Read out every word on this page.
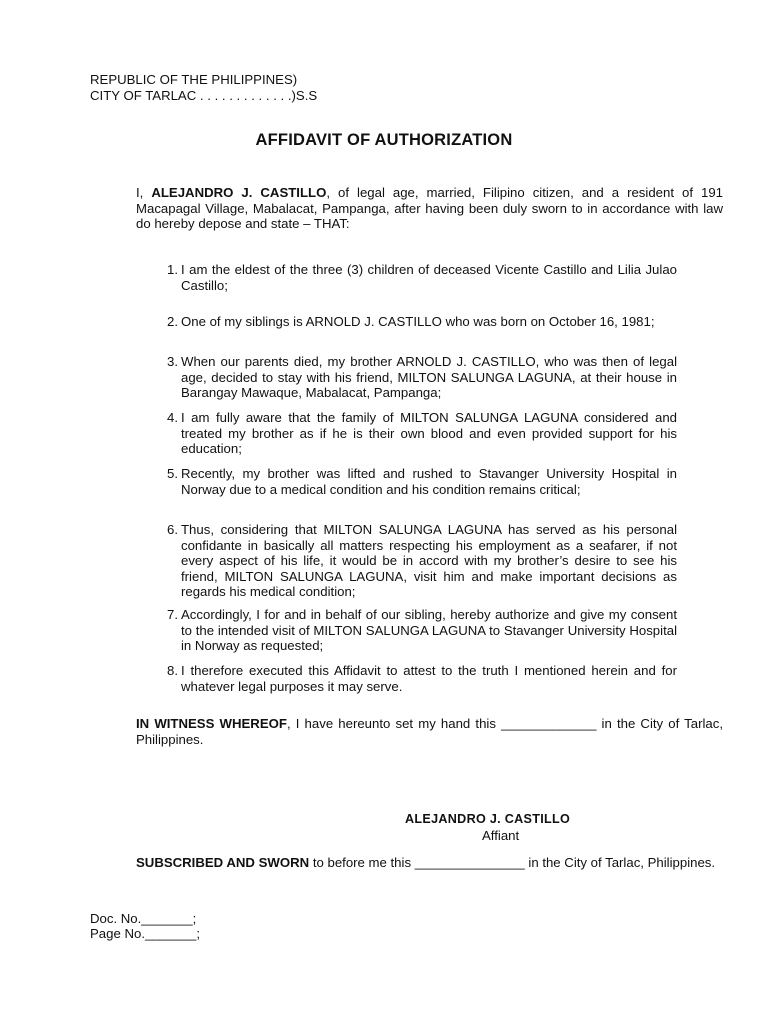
REPUBLIC OF THE PHILIPPINES)
CITY OF TARLAC . . . . . . . . . . . . .)S.S
AFFIDAVIT OF AUTHORIZATION
I, ALEJANDRO J. CASTILLO, of legal age, married, Filipino citizen, and a resident of 191 Macapagal Village, Mabalacat, Pampanga, after having been duly sworn to in accordance with law do hereby depose and state – THAT:
1. I am the eldest of the three (3) children of deceased Vicente Castillo and Lilia Julao Castillo;
2. One of my siblings is ARNOLD J. CASTILLO who was born on October 16, 1981;
3. When our parents died, my brother ARNOLD J. CASTILLO, who was then of legal age, decided to stay with his friend, MILTON SALUNGA LAGUNA, at their house in Barangay Mawaque, Mabalacat, Pampanga;
4. I am fully aware that the family of MILTON SALUNGA LAGUNA considered and treated my brother as if he is their own blood and even provided support for his education;
5. Recently, my brother was lifted and rushed to Stavanger University Hospital in Norway due to a medical condition and his condition remains critical;
6. Thus, considering that MILTON SALUNGA LAGUNA has served as his personal confidante in basically all matters respecting his employment as a seafarer, if not every aspect of his life, it would be in accord with my brother’s desire to see his friend, MILTON SALUNGA LAGUNA, visit him and make important decisions as regards his medical condition;
7. Accordingly, I for and in behalf of our sibling, hereby authorize and give my consent to the intended visit of MILTON SALUNGA LAGUNA to Stavanger University Hospital in Norway as requested;
8. I therefore executed this Affidavit to attest to the truth I mentioned herein and for whatever legal purposes it may serve.
IN WITNESS WHEREOF, I have hereunto set my hand this _____________ in the City of Tarlac, Philippines.
ALEJANDRO J. CASTILLO
Affiant
SUBSCRIBED AND SWORN to before me this _______________ in the City of Tarlac, Philippines.
Doc. No._______;
Page No._______;
